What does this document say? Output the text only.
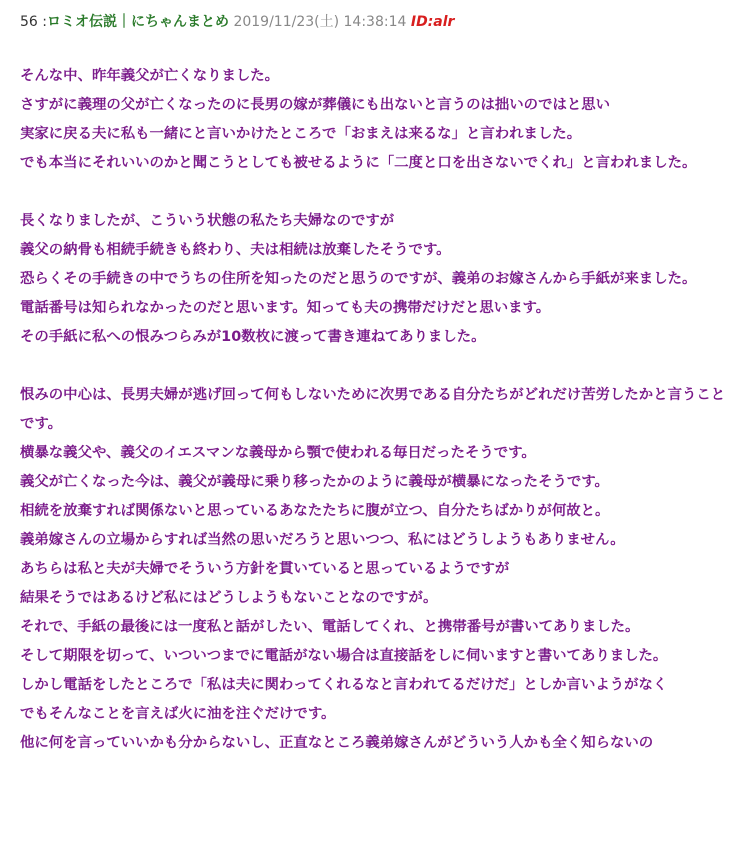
56 :ロミオ伝説｜にちゃんまとめ 2019/11/23(土) 14:38:14 ID:alr
そんな中、昨年義父が亡くなりました。
さすがに義理の父が亡くなったのに長男の嫁が葬儀にも出ないと言うのは拙いのではと思い
実家に戻る夫に私も一緒にと言いかけたところで「おまえは来るな」と言われました。
でも本当にそれいいのかと聞こうとしても被せるように「二度と口を出さないでくれ」と言われました。
長くなりましたが、こういう状態の私たち夫婦なのですが
義父の納骨も相続手続きも終わり、夫は相続は放棄したそうです。
恐らくその手続きの中でうちの住所を知ったのだと思うのですが、義弟のお嫁さんから手紙が来ました。
電話番号は知られなかったのだと思います。知っても夫の携帯だけだと思います。
その手紙に私への恨みつらみが10数枚に渡って書き連ねてありました。
恨みの中心は、長男夫婦が逃げ回って何もしないために次男である自分たちがどれだけ苦労したかと言うことです。
横暴な義父や、義父のイエスマンな義母から顎で使われる毎日だったそうです。
義父が亡くなった今は、義父が義母に乗り移ったかのように義母が横暴になったそうです。
相続を放棄すれば関係ないと思っているあなたたちに腹が立つ、自分たちばかりが何故と。
義弟嫁さんの立場からすれば当然の思いだろうと思いつつ、私にはどうしようもありません。
あちらは私と夫が夫婦でそういう方針を貫いていると思っているようですが
結果そうではあるけど私にはどうしようもないことなのですが。
それで、手紙の最後には一度私と話がしたい、電話してくれ、と携帯番号が書いてありました。
そして期限を切って、いついつまでに電話がない場合は直接話をしに伺いますと書いてありました。
しかし電話をしたところで「私は夫に関わってくれるなと言われてるだけだ」としか言いようがなく
でもそんなことを言えば火に油を注ぐだけです。
他に何を言っていいかも分からないし、正直なところ義弟嫁さんがどういう人かも全く知らないの
